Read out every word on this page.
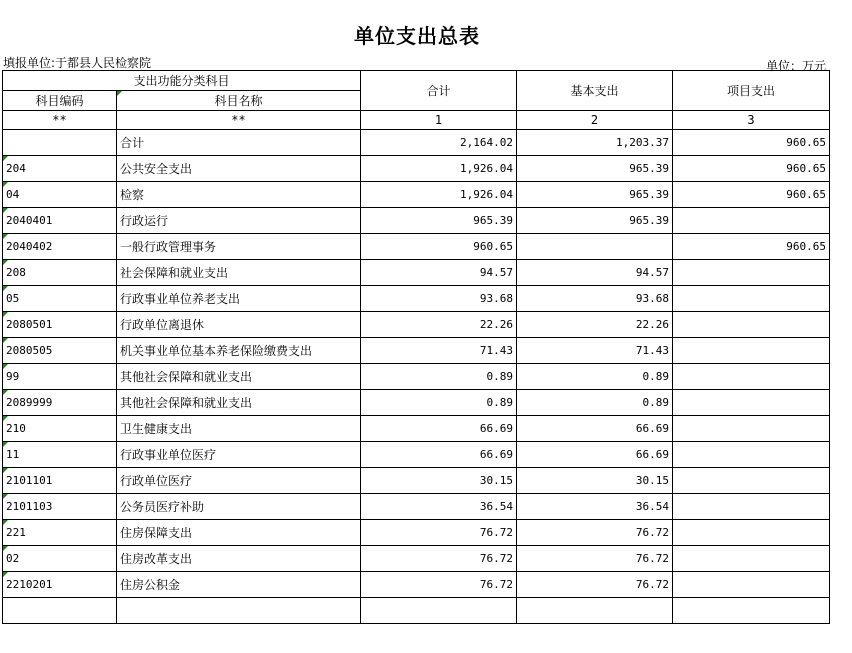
单位支出总表
填报单位:于都县人民检察院	单位：万元
支出功能分类科目		合计	基本支出	项目支出
科目编码	科目名称			
**	**	1	2	3
	合计	2,164.02	1,203.37	960.65
204	公共安全支出	1,926.04	965.39	960.65
04	检察	1,926.04	965.39	960.65
2040401	行政运行	965.39	965.39	
2040402	一般行政管理事务	960.65		960.65
208	社会保障和就业支出	94.57	94.57	
05	行政事业单位养老支出	93.68	93.68	
2080501	行政单位离退休	22.26	22.26	
2080505	机关事业单位基本养老保险缴费支出	71.43	71.43	
99	其他社会保障和就业支出	0.89	0.89	
2089999	其他社会保障和就业支出	0.89	0.89	
210	卫生健康支出	66.69	66.69	
11	行政事业单位医疗	66.69	66.69	
2101101	行政单位医疗	30.15	30.15	
2101103	公务员医疗补助	36.54	36.54	
221	住房保障支出	76.72	76.72	
02	住房改革支出	76.72	76.72	
2210201	住房公积金	76.72	76.72	
